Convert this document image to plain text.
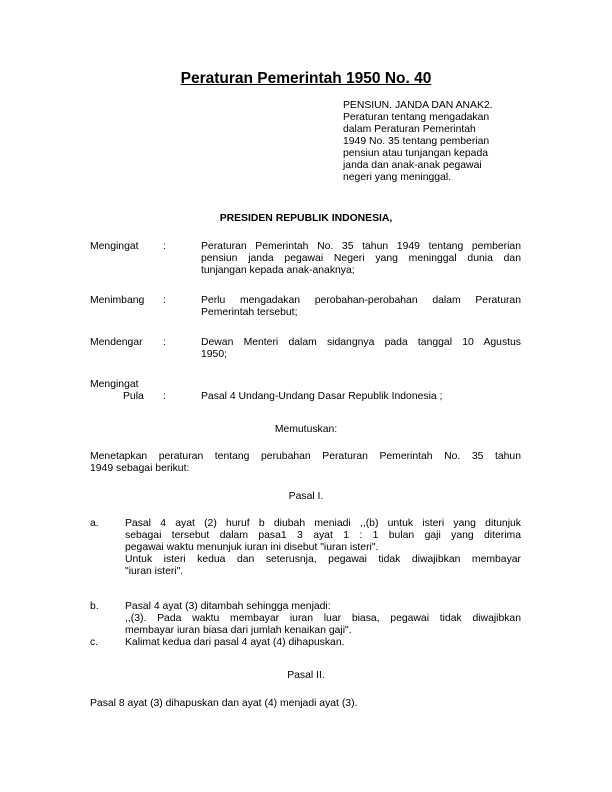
Peraturan Pemerintah 1950 No. 40
PENSIUN. JANDA DAN ANAK2.
Peraturan tentang mengadakan
dalam Peraturan Pemerintah
1949 No. 35 tentang pemberian
pensiun atau tunjangan kepada
janda dan anak-anak pegawai
negeri yang meninggal.
PRESIDEN REPUBLIK INDONESIA,
Mengingat :	Peraturan Pemerintah No. 35 tahun 1949 tentang pemberian
pensiun janda pegawai Negeri yang meninggal dunia dan
tunjangan kepada anak-anaknya;
Menimbang :	Perlu mengadakan perobahan-perobahan dalam Peraturan
Pemerintah tersebut;
Mendengar :	Dewan Menteri dalam sidangnya pada tanggal 10 Agustus
1950;
Mengingat
Pula :	Pasal 4 Undang-Undang Dasar Republik Indonesia ;
Memutuskan:
Menetapkan peraturan tentang perubahan Peraturan Pemerintah No. 35 tahun
1949 sebagai berikut:
Pasal I.
a.	Pasal 4 ayat (2) huruf b diubah meniadi ,,(b) untuk isteri yang ditunjuk
sebagai tersebut dalam pasa1 3 ayat 1 : 1 bulan gaji yang diterima
pegawai waktu menunjuk iuran ini disebut "iuran isteri".
Untuk isteri kedua dan seterusnja, pegawai tidak diwajibkan membayar
"iuran isteri".
b.	Pasal 4 ayat (3) ditambah sehingga menjadi:
,,(3). Pada waktu membayar iuran luar biasa, pegawai tidak diwajibkan
membayar iuran biasa dari jumlah kenaikan gaji".
c.	Kalimat kedua dari pasal 4 ayat (4) dihapuskan.
Pasal II.
Pasal 8 ayat (3) dihapuskan dan ayat (4) menjadi ayat (3).
